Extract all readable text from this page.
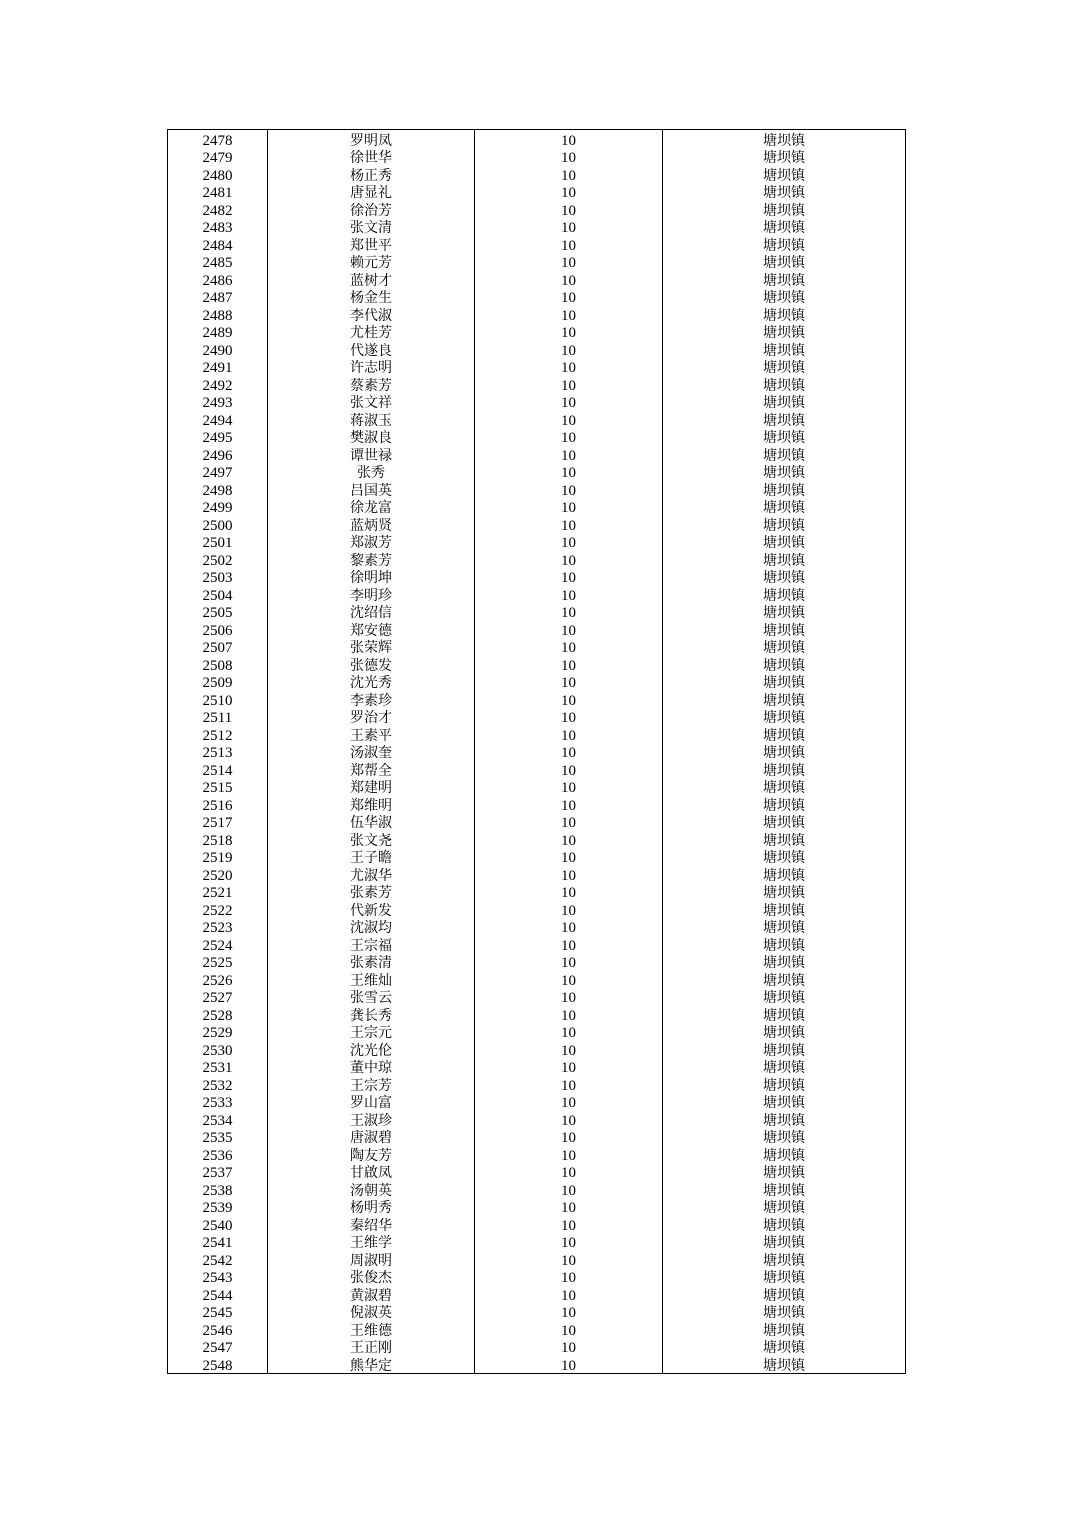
2478	罗明凤	10	塘坝镇
2479	徐世华	10	塘坝镇
2480	杨正秀	10	塘坝镇
2481	唐显礼	10	塘坝镇
2482	徐治芳	10	塘坝镇
2483	张文清	10	塘坝镇
2484	郑世平	10	塘坝镇
2485	赖元芳	10	塘坝镇
2486	蓝树才	10	塘坝镇
2487	杨金生	10	塘坝镇
2488	李代淑	10	塘坝镇
2489	尤桂芳	10	塘坝镇
2490	代遂良	10	塘坝镇
2491	许志明	10	塘坝镇
2492	蔡素芳	10	塘坝镇
2493	张文祥	10	塘坝镇
2494	蒋淑玉	10	塘坝镇
2495	樊淑良	10	塘坝镇
2496	谭世禄	10	塘坝镇
2497	张秀	10	塘坝镇
2498	吕国英	10	塘坝镇
2499	徐龙富	10	塘坝镇
2500	蓝炳贤	10	塘坝镇
2501	郑淑芳	10	塘坝镇
2502	黎素芳	10	塘坝镇
2503	徐明坤	10	塘坝镇
2504	李明珍	10	塘坝镇
2505	沈绍信	10	塘坝镇
2506	郑安德	10	塘坝镇
2507	张荣辉	10	塘坝镇
2508	张德发	10	塘坝镇
2509	沈光秀	10	塘坝镇
2510	李素珍	10	塘坝镇
2511	罗治才	10	塘坝镇
2512	王素平	10	塘坝镇
2513	汤淑奎	10	塘坝镇
2514	郑帮全	10	塘坝镇
2515	郑建明	10	塘坝镇
2516	郑维明	10	塘坝镇
2517	伍华淑	10	塘坝镇
2518	张文尧	10	塘坝镇
2519	王子瞻	10	塘坝镇
2520	尤淑华	10	塘坝镇
2521	张素芳	10	塘坝镇
2522	代新发	10	塘坝镇
2523	沈淑均	10	塘坝镇
2524	王宗福	10	塘坝镇
2525	张素清	10	塘坝镇
2526	王维灿	10	塘坝镇
2527	张雪云	10	塘坝镇
2528	龚长秀	10	塘坝镇
2529	王宗元	10	塘坝镇
2530	沈光伦	10	塘坝镇
2531	董中琼	10	塘坝镇
2532	王宗芳	10	塘坝镇
2533	罗山富	10	塘坝镇
2534	王淑珍	10	塘坝镇
2535	唐淑碧	10	塘坝镇
2536	陶友芳	10	塘坝镇
2537	甘啟凤	10	塘坝镇
2538	汤朝英	10	塘坝镇
2539	杨明秀	10	塘坝镇
2540	秦绍华	10	塘坝镇
2541	王维学	10	塘坝镇
2542	周淑明	10	塘坝镇
2543	张俊杰	10	塘坝镇
2544	黄淑碧	10	塘坝镇
2545	倪淑英	10	塘坝镇
2546	王维德	10	塘坝镇
2547	王正刚	10	塘坝镇
2548	熊华定	10	塘坝镇
